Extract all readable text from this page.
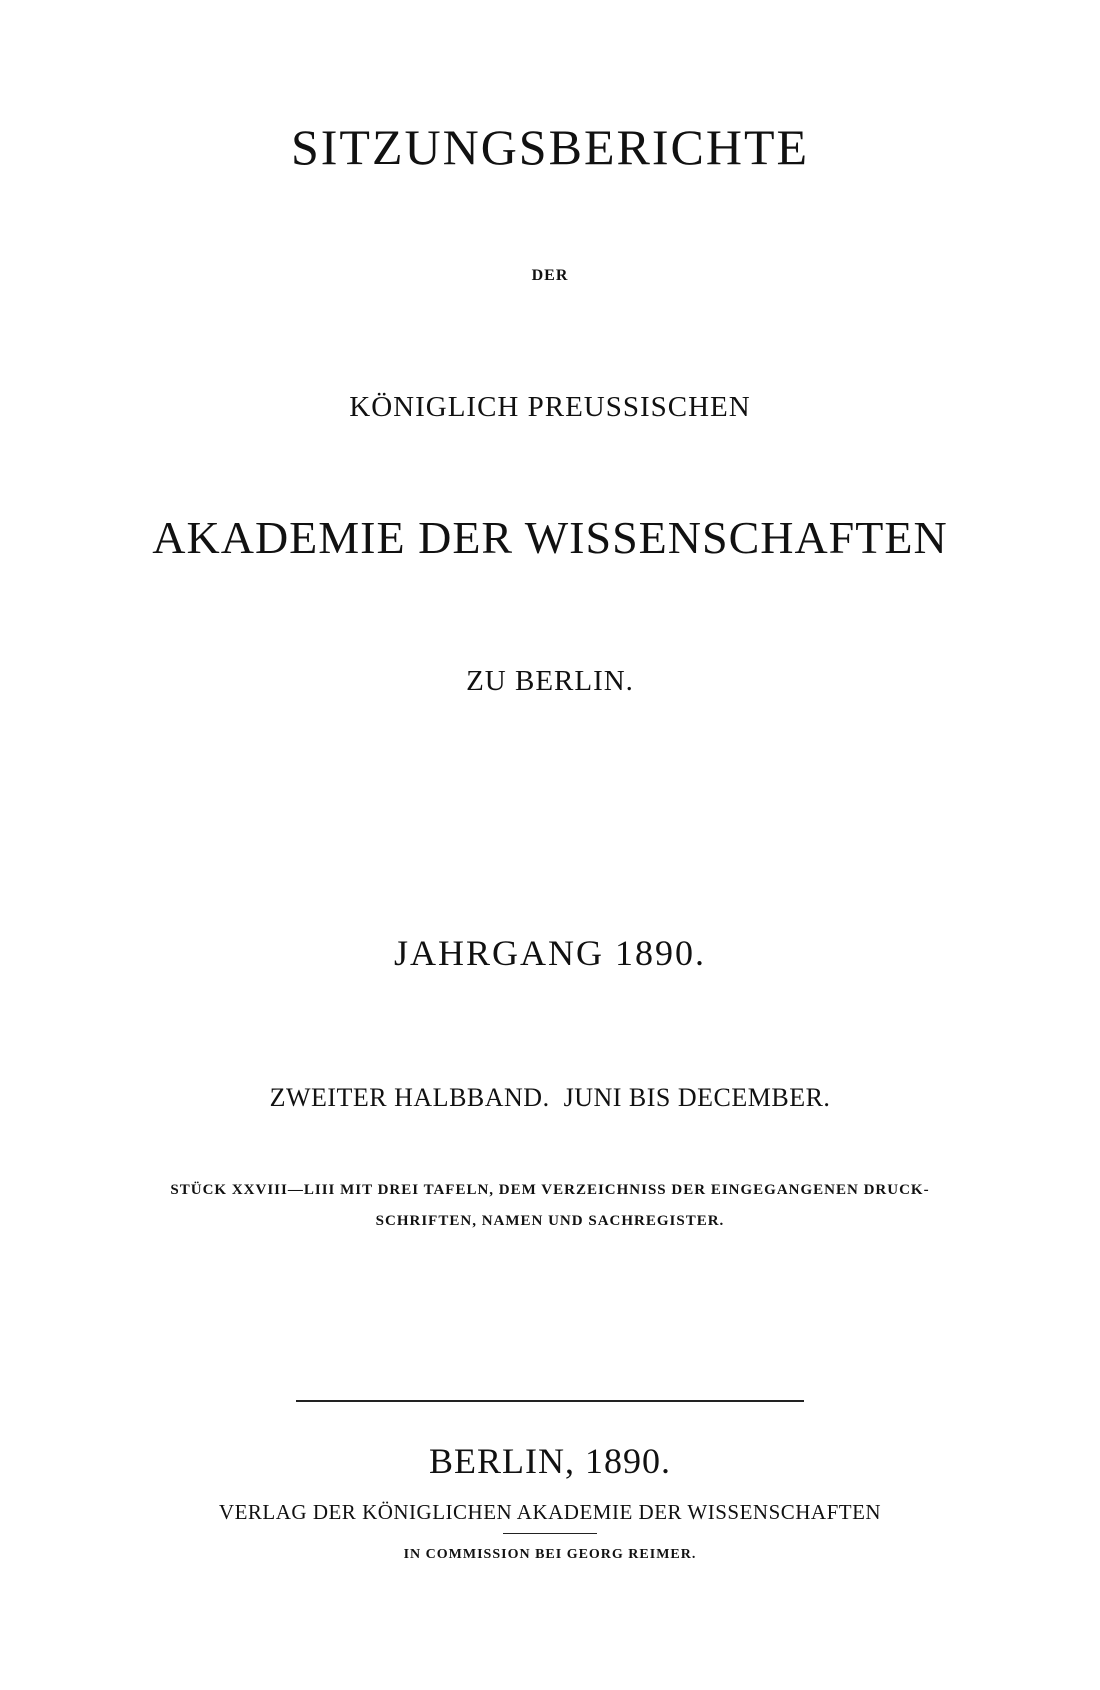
SITZUNGSBERICHTE
DER
KÖNIGLICH PREUSSISCHEN
AKADEMIE DER WISSENSCHAFTEN
ZU BERLIN.
JAHRGANG 1890.
ZWEITER HALBBAND.  JUNI BIS DECEMBER.
STÜCK XXVIII—LIII MIT DREI TAFELN, DEM VERZEICHNISS DER EINGEGANGENEN DRUCK-
SCHRIFTEN, NAMEN UND SACHREGISTER.
BERLIN, 1890.
VERLAG DER KÖNIGLICHEN AKADEMIE DER WISSENSCHAFTEN
IN COMMISSION BEI GEORG REIMER.
